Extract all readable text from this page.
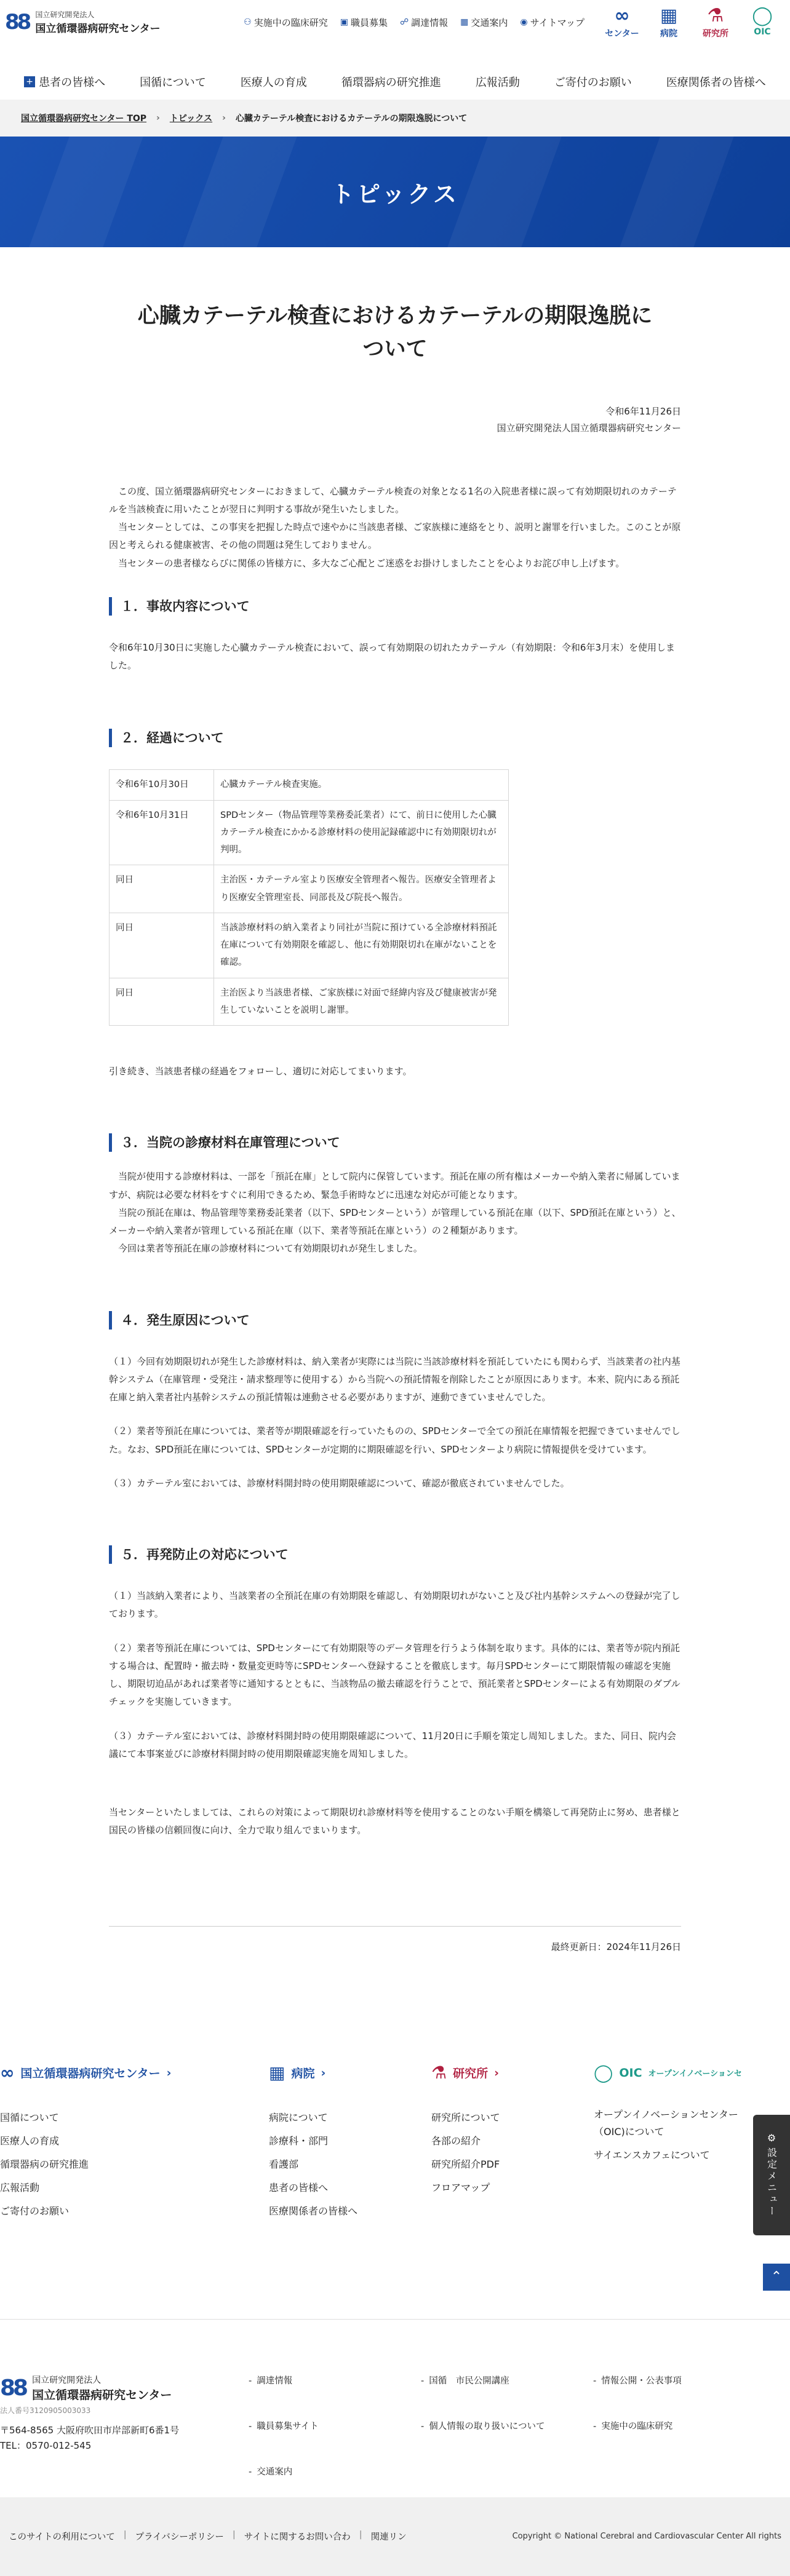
88 国立研究開発法人
国立循環器病研究センター
⚇ 実施中の臨床研究 ▣ 職員募集 ☍ 調達情報 ▦ 交通案内 ◉ サイトマップ ∞
センター
▦
病院
⚗
研究所
◯
OIC
+ 患者の皆様へ	国循について	医療人の育成	循環器病の研究推進	広報活動	ご寄付のお願い	医療関係者の皆様へ
国立循環器病研究センター TOP › トピックス › 心臓カテーテル検査におけるカテーテルの期限逸脱について
トピックス
心臓カテーテル検査におけるカテーテルの期限逸脱に
ついて
令和6年11月26日
国立研究開発法人国立循環器病研究センター

この度、国立循環器病研究センターにおきまして、心臓カテーテル検査の対象となる1名の入院患者様に誤って有効期限切れのカテーテルを当該検査に用いたことが翌日に判明する事故が発生いたしました。

当センターとしては、この事実を把握した時点で速やかに当該患者様、ご家族様に連絡をとり、説明と謝罪を行いました。このことが原因と考えられる健康被害、その他の問題は発生しておりません。

当センターの患者様ならびに関係の皆様方に、多大なご心配とご迷惑をお掛けしましたことを心よりお詫び申し上げます。

１．事故内容について

令和6年10月30日に実施した心臓カテーテル検査において、誤って有効期限の切れたカテーテル（有効期限：令和6年3月末）を使用しました。

２．経過について
令和6年10月30日	心臓カテーテル検査実施。
令和6年10月31日	SPDセンター（物品管理等業務委託業者）にて、前日に使用した心臓カテーテル検査にかかる診療材料の使用記録確認中に有効期限切れが判明。
同日	主治医・カテーテル室より医療安全管理者へ報告。医療安全管理者より医療安全管理室長、同部長及び院長へ報告。
同日	当該診療材料の納入業者より同社が当院に預けている全診療材料預託在庫について有効期限を確認し、他に有効期限切れ在庫がないことを確認。
同日	主治医より当該患者様、ご家族様に対面で経緯内容及び健康被害が発生していないことを説明し謝罪。

引き続き、当該患者様の経過をフォローし、適切に対応してまいります。

３．当院の診療材料在庫管理について

当院が使用する診療材料は、一部を「預託在庫」として院内に保管しています。預託在庫の所有権はメーカーや納入業者に帰属していますが、病院は必要な材料をすぐに利用できるため、緊急手術時などに迅速な対応が可能となります。

当院の預託在庫は、物品管理等業務委託業者（以下、SPDセンターという）が管理している預託在庫（以下、SPD預託在庫という）と、メーカーや納入業者が管理している預託在庫（以下、業者等預託在庫という）の２種類があります。

今回は業者等預託在庫の診療材料について有効期限切れが発生しました。

４．発生原因について

（１）今回有効期限切れが発生した診療材料は、納入業者が実際には当院に当該診療材料を預託していたにも関わらず、当該業者の社内基幹システム（在庫管理・受発注・請求整理等に使用する）から当院への預託情報を削除したことが原因にあります。本来、院内にある預託在庫と納入業者社内基幹システムの預託情報は連動させる必要がありますが、連動できていませんでした。

（２）業者等預託在庫については、業者等が期限確認を行っていたものの、SPDセンターで全ての預託在庫情報を把握できていませんでした。なお、SPD預託在庫については、SPDセンターが定期的に期限確認を行い、SPDセンターより病院に情報提供を受けています。

（３）カテーテル室においては、診療材料開封時の使用期限確認について、確認が徹底されていませんでした。

５．再発防止の対応について

（１）当該納入業者により、当該業者の全預託在庫の有効期限を確認し、有効期限切れがないこと及び社内基幹システムへの登録が完了しております。

（２）業者等預託在庫については、SPDセンターにて有効期限等のデータ管理を行うよう体制を取ります。具体的には、業者等が院内預託する場合は、配置時・撤去時・数量変更時等にSPDセンターへ登録することを徹底します。毎月SPDセンターにて期限情報の確認を実施し、期限切迫品があれば業者等に通知するとともに、当該物品の撤去確認を行うことで、預託業者とSPDセンターによる有効期限のダブルチェックを実施していきます。

（３）カテーテル室においては、診療材料開封時の使用期限確認について、11月20日に手順を策定し周知しました。また、同日、院内会議にて本事案並びに診療材料開封時の使用期限確認実施を周知しました。

当センターといたしましては、これらの対策によって期限切れ診療材料等を使用することのない手順を構築して再発防止に努め、患者様と国民の皆様の信頼回復に向け、全力で取り組んでまいります。

最終更新日：2024年11月26日
∞ 国立循環器病研究センター ›
国循について
医療人の育成
循環器病の研究推進
広報活動
ご寄付のお願い
▦ 病院 ›
病院について
診療科・部門
看護部
患者の皆様へ
医療関係者の皆様へ
⚗ 研究所 ›
研究所について
各部の紹介
研究所紹介PDF
フロアマップ
◯ OIC オープンイノベーションセ
オープンイノベーションセンター（OIC)について
サイエンスカフェについて
⚙
設定メニュー
⌃
88 国立研究開発法人
国立循環器病研究センター
法人番号3120905003033
〒564-8565 大阪府吹田市岸部新町6番1号
TEL：0570-012-545
- 調達情報	- 国循　市民公開講座	- 情報公開・公表事項
- 職員募集サイト	- 個人情報の取り扱いについて	- 実施中の臨床研究
- 交通案内
このサイトの利用について | プライバシーポリシー | サイトに関するお問い合わ | 関連リン	Copyright © National Cerebral and Cardiovascular Center All rights
